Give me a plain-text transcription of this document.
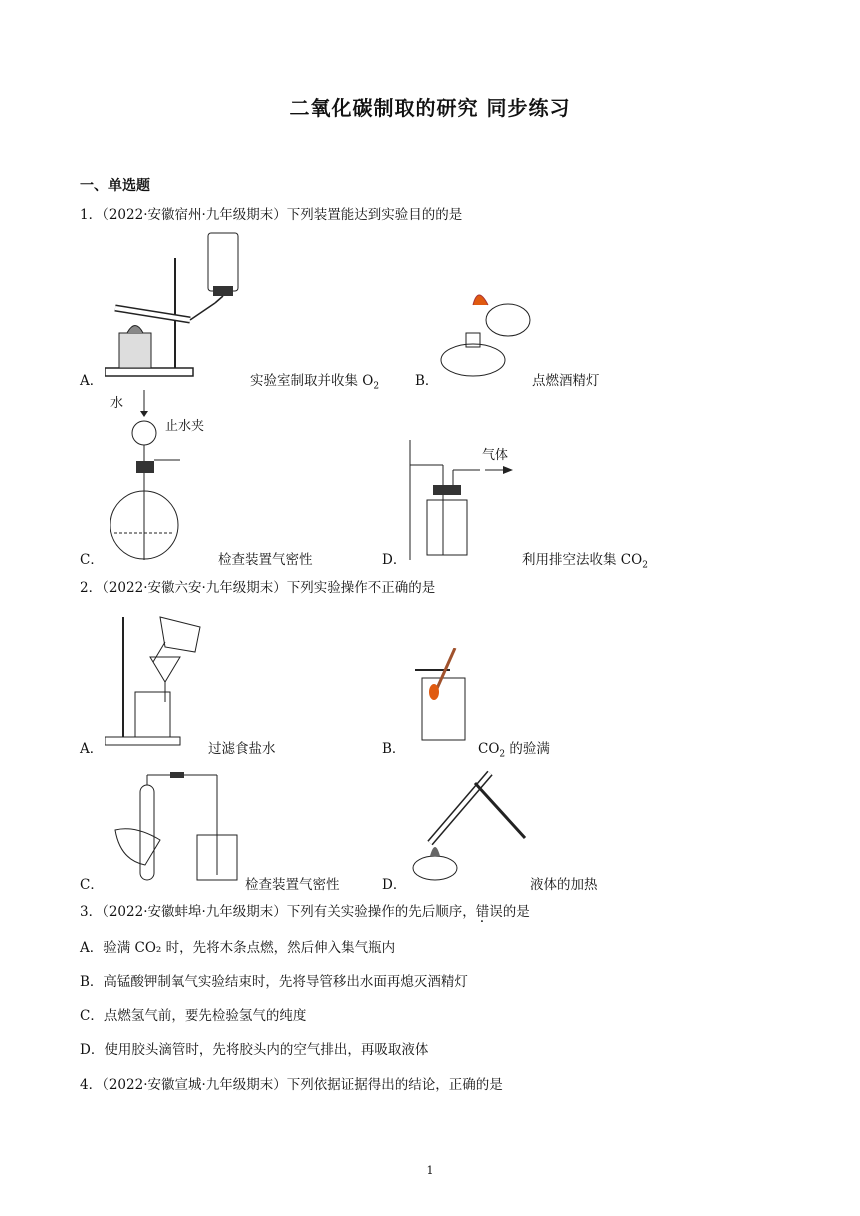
二氧化碳制取的研究 同步练习
一、单选题
1．（2022·安徽宿州·九年级期末）下列装置能达到实验目的的是
A．	实验室制取并收集 $O_2$	B．	点燃酒精灯
水
止水夹
C．	检查装置气密性
气体
D．	利用排空法收集 $CO_2$
2．（2022·安徽六安·九年级期末）下列实验操作不正确的是
A．	过滤食盐水	B．	$CO_2$ 的验满
C．	检查装置气密性	D．	液体的加热
3．（2022·安徽蚌埠·九年级期末）下列有关实验操作的先后顺序，错误的是
A．验满 CO₂ 时，先将木条点燃，然后伸入集气瓶内
B．高锰酸钾制氧气实验结束时，先将导管移出水面再熄灭酒精灯
C．点燃氢气前，要先检验氢气的纯度
D．使用胶头滴管时，先将胶头内的空气排出，再吸取液体
4．（2022·安徽宣城·九年级期末）下列依据证据得出的结论，正确的是
1
